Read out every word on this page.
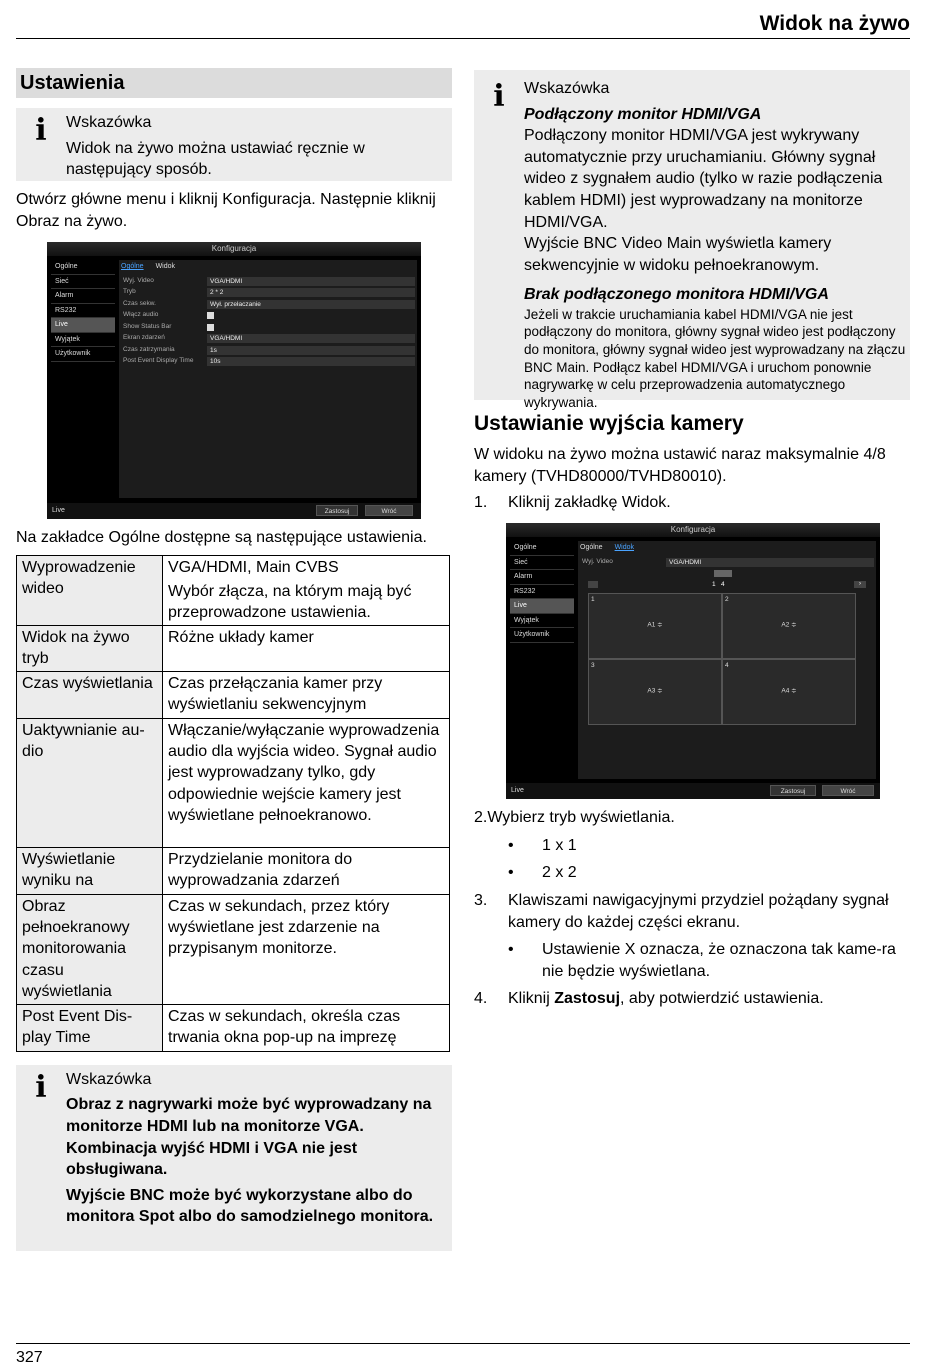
Widok na żywo
Ustawienia
i Wskazówka

Widok na żywo można ustawiać ręcznie w następujący sposób.

Otwórz główne menu i kliknij Konfiguracja. Następnie kliknij Obraz na żywo.

Konfiguracja
Ogólne
Sieć
Alarm
RS232
Live
Wyjątek
Użytkownik
Ogólne Widok
Wyj. Video	VGA/HDMI
Tryb	2 * 2
Czas sekw.	Wył. przełaczanie
Włącz audio
Show Status Bar
Ekran zdarzeń	VGA/HDMI
Czas zatrzymania	1s
Post Event Display Time	10s
Live	Zastosuj	Wróć

Na zakładce Ogólne dostępne są następujące ustawienia.

Wyprowadzenie wideo	VGA/HDMI, Main CVBS
Wybór złącza, na którym mają być przeprowadzone ustawienia.

Widok na żywo tryb	Różne układy kamer
Czas wyświetlania	Czas przełączania kamer przy wyświetlaniu sekwencyjnym
Uaktywnianie au-dio	Włączanie/wyłączanie wyprowadzenia audio dla wyjścia wideo. Sygnał audio jest wyprowadzany tylko, gdy odpowiednie wejście kamery jest wyświetlane pełnoekranowo.
Wyświetlanie wyniku na	Przydzielanie monitora do wyprowadzania zdarzeń
Obraz pełnoekranowy monitorowania czasu wyświetlania	Czas w sekundach, przez który wyświetlane jest zdarzenie na przypisanym monitorze.
Post Event Dis-play Time	Czas w sekundach, określa czas trwania okna pop-up na imprezę
i Wskazówka

Obraz z nagrywarki może być wyprowadzany na monitorze HDMI lub na monitorze VGA. Kombinacja wyjść HDMI i VGA nie jest obsługiwana.

Wyjście BNC może być wykorzystane albo do monitora Spot albo do samodzielnego monitora.

i Wskazówka
Podłączony monitor HDMI/VGA

Podłączony monitor HDMI/VGA jest wykrywany automatycznie przy uruchamianiu. Główny sygnał wideo z sygnałem audio (tylko w razie podłączenia kablem HDMI) jest wyprowadzany na monitorze HDMI/VGA.

Wyjście BNC Video Main wyświetla kamery sekwencyjnie w widoku pełnoekranowym.

Brak podłączonego monitora HDMI/VGA

Jeżeli w trakcie uruchamiania kabel HDMI/VGA nie jest podłączony do monitora, główny sygnał wideo jest podłączony do monitora, główny sygnał wideo jest wyprowadzany na złączu BNC Main. Podłącz kabel HDMI/VGA i uruchom ponownie nagrywarkę w celu przeprowadzenia automatycznego wykrywania.

Ustawianie wyjścia kamery

W widoku na żywo można ustawić naraz maksymalnie 4/8 kamery (TVHD80000/TVHD80010).

1.	Kliknij zakładkę Widok.
Konfiguracja
Ogólne
Sieć
Alarm
RS232
Live
Wyjątek
Użytkownik
Ogólne Widok
Wyj. Video	VGA/HDMI
1 4	›
1
A1 ≑
2
A2 ≑
3
A3 ≑
4
A4 ≑
Live	Zastosuj	Wróć

2.Wybierz tryb wyświetlania.

•	1 x 1
•	2 x 2
3.	Klawiszami nawigacyjnymi przydziel pożądany sygnał kamery do każdej części ekranu.
•	Ustawienie X oznacza, że oznaczona tak kame-ra nie będzie wyświetlana.
4.	Kliknij Zastosuj, aby potwierdzić ustawienia.
327
